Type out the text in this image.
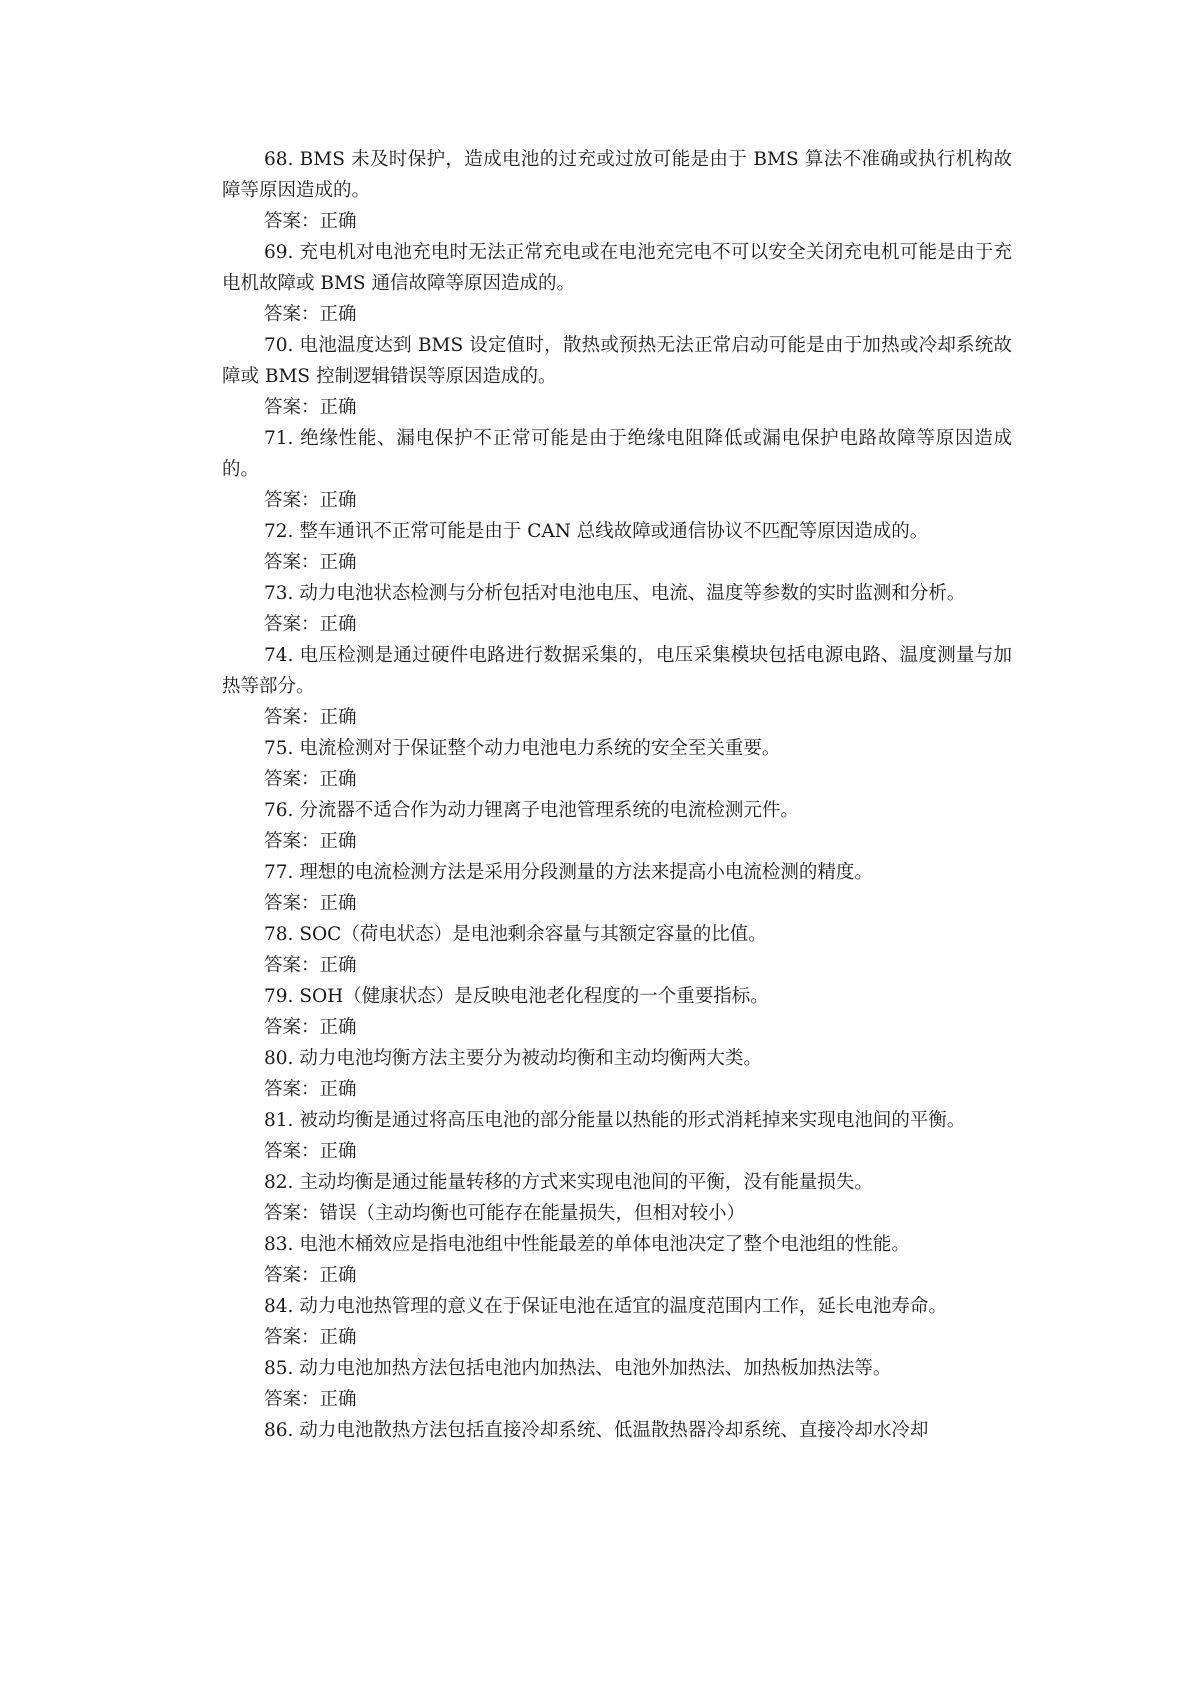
68. BMS 未及时保护，造成电池的过充或过放可能是由于 BMS 算法不准确或执行机构故障等原因造成的。

答案：正确

69. 充电机对电池充电时无法正常充电或在电池充完电不可以安全关闭充电机可能是由于充电机故障或 BMS 通信故障等原因造成的。

答案：正确

70. 电池温度达到 BMS 设定值时，散热或预热无法正常启动可能是由于加热或冷却系统故障或 BMS 控制逻辑错误等原因造成的。

答案：正确

71. 绝缘性能、漏电保护不正常可能是由于绝缘电阻降低或漏电保护电路故障等原因造成的。

答案：正确

72. 整车通讯不正常可能是由于 CAN 总线故障或通信协议不匹配等原因造成的。

答案：正确

73. 动力电池状态检测与分析包括对电池电压、电流、温度等参数的实时监测和分析。

答案：正确

74. 电压检测是通过硬件电路进行数据采集的，电压采集模块包括电源电路、温度测量与加热等部分。

答案：正确

75. 电流检测对于保证整个动力电池电力系统的安全至关重要。

答案：正确

76. 分流器不适合作为动力锂离子电池管理系统的电流检测元件。

答案：正确

77. 理想的电流检测方法是采用分段测量的方法来提高小电流检测的精度。

答案：正确

78. SOC（荷电状态）是电池剩余容量与其额定容量的比值。

答案：正确

79. SOH（健康状态）是反映电池老化程度的一个重要指标。

答案：正确

80. 动力电池均衡方法主要分为被动均衡和主动均衡两大类。

答案：正确

81. 被动均衡是通过将高压电池的部分能量以热能的形式消耗掉来实现电池间的平衡。

答案：正确

82. 主动均衡是通过能量转移的方式来实现电池间的平衡，没有能量损失。

答案：错误（主动均衡也可能存在能量损失，但相对较小）

83. 电池木桶效应是指电池组中性能最差的单体电池决定了整个电池组的性能。

答案：正确

84. 动力电池热管理的意义在于保证电池在适宜的温度范围内工作，延长电池寿命。

答案：正确

85. 动力电池加热方法包括电池内加热法、电池外加热法、加热板加热法等。

答案：正确

86. 动力电池散热方法包括直接冷却系统、低温散热器冷却系统、直接冷却水冷却
